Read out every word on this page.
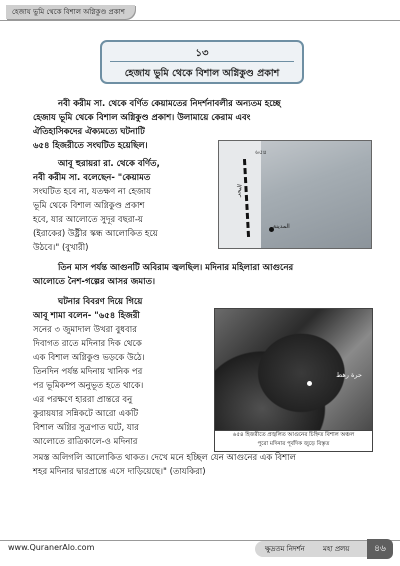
হেজায ভুমি থেকে বিশাল অগ্নিকুণ্ড প্রকাশ
১৩
হেজায ভুমি থেকে বিশাল অগ্নিকুণ্ড প্রকাশ

নবী করীম সা. থেকে বর্ণিত কেয়ামতের নিদর্শনাবলীর অন্যতম হচ্ছে

হেজায ভূমি থেকে বিশাল অগ্নিকুণ্ড প্রকাশ। উলামায়ে কেরাম এবং

ঐতিহাসিকদের ঐক্যমত্যে ঘটনাটি

৬৫৪ হিজরীতে সংঘটিত হয়েছিল।

আবূ হুরায়রা রা. থেকে বর্ণিত,

নবী করীম সা. বলেছেন- "কেয়ামত

সংঘটিত হবে না, যতক্ষণ না হেজায

ভূমি থেকে বিশাল অগ্নিকুণ্ড প্রকাশ

হবে, যার আলোতে সুদূর বছরা-য়

(ইরাকের) উষ্ট্রীর স্কন্ধ আলোকিত হয়ে

উঠবে।" (বুখারী)

৬৫৪
البحر
المدينة

তিন মাস পর্যন্ত আগুনটি অবিরাম জ্বলছিল। মদিনার মহিলারা আগুনের

আলোতে নৈশ-গল্পের আসর জমাত।

ঘটনার বিবরণ দিয়ে গিয়ে

আবূ শামা বলেন- "৬৫৪ হিজরী

সনের ৩ জুমাদাল উখরা বুধবার

দিবাগত রাতে মদিনার দিক থেকে

এক বিশাল অগ্নিকুণ্ড ভড়কে উঠে।

তিনদিন পর্যন্ত মদিনায় খানিক পর

পর ভূমিকম্প অনুভূত হতে থাকে।

এর পরক্ষণে হাররা প্রান্তরে বনু

কুরায়যার সন্নিকটে আরো একটি

বিশাল অগ্নির সুত্রপাত ঘটে, যার

আলোতে রাত্রিকালে-ও মদিনার

সমস্ত অলিগলি আলোকিত থাকত। দেখে মনে হচ্ছিল যেন আগুনের এক বিশাল

শহর মদিনার দ্বারপ্রান্তে এসে দাড়িয়েছে।" (তাযকিরা)

حرة رهط
৬৫৪ হিজরীতে প্রজ্বলিত আগুনের চিহ্নিত বিশাল অঞ্চল
পুরো মদিনার পূর্বদিক জুড়ে বিস্তৃত
www.QuranerAlo.com	ক্ষুদ্রতম নিদর্শন	মহা প্রলয়	৪৬
